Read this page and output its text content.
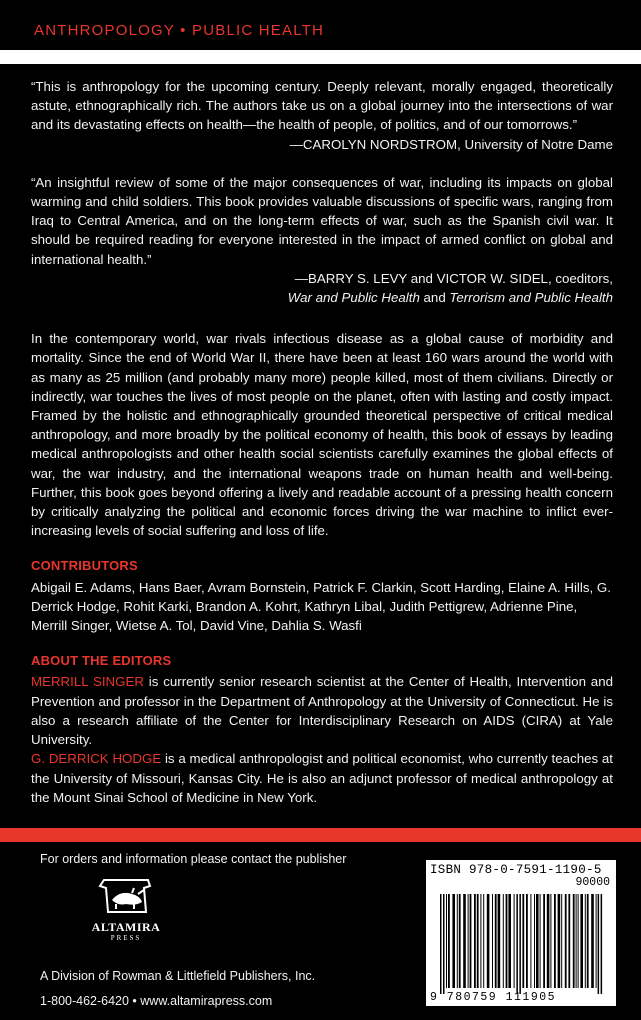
ANTHROPOLOGY • PUBLIC HEALTH

“This is anthropology for the upcoming century. Deeply relevant, morally engaged, theoretically astute, ethnographically rich. The authors take us on a global journey into the intersections of war and its devastating effects on health—the health of people, of politics, and of our tomorrows.”

—CAROLYN NORDSTROM, University of Notre Dame

“An insightful review of some of the major consequences of war, including its impacts on global warming and child soldiers. This book provides valuable discussions of specific wars, ranging from Iraq to Central America, and on the long-term effects of war, such as the Spanish civil war. It should be required reading for everyone interested in the impact of armed conflict on global and international health.”

—BARRY S. LEVY and VICTOR W. SIDEL, coeditors,

War and Public Health and Terrorism and Public Health

In the contemporary world, war rivals infectious disease as a global cause of morbidity and mortality. Since the end of World War II, there have been at least 160 wars around the world with as many as 25 million (and probably many more) people killed, most of them civilians. Directly or indirectly, war touches the lives of most people on the planet, often with lasting and costly impact. Framed by the holistic and ethnographically grounded theoretical perspective of critical medical anthropology, and more broadly by the political economy of health, this book of essays by leading medical anthropologists and other health social scientists carefully examines the global effects of war, the war industry, and the international weapons trade on human health and well-being. Further, this book goes beyond offering a lively and readable account of a pressing health concern by critically analyzing the political and economic forces driving the war machine to inflict ever-increasing levels of social suffering and loss of life.

CONTRIBUTORS
Abigail E. Adams, Hans Baer, Avram Bornstein, Patrick F. Clarkin, Scott Harding, Elaine A. Hills, G. Derrick Hodge, Rohit Karki, Brandon A. Kohrt, Kathryn Libal, Judith Pettigrew, Adrienne Pine, Merrill Singer, Wietse A. Tol, David Vine, Dahlia S. Wasfi
ABOUT THE EDITORS

MERRILL SINGER is currently senior research scientist at the Center of Health, Intervention and Prevention and professor in the Department of Anthropology at the University of Connecticut. He is also a research affiliate of the Center for Interdisciplinary Research on AIDS (CIRA) at Yale University.

G. DERRICK HODGE is a medical anthropologist and political economist, who currently teaches at the University of Missouri, Kansas City. He is also an adjunct professor of medical anthropology at the Mount Sinai School of Medicine in New York.

For orders and information please contact the publisher
ALTAMIRA
PRESS
A Division of Rowman & Littlefield Publishers, Inc.
1-800-462-6420 • www.altamirapress.com
ISBN 978-0-7591-1190-5
90000
9 780759 111905
